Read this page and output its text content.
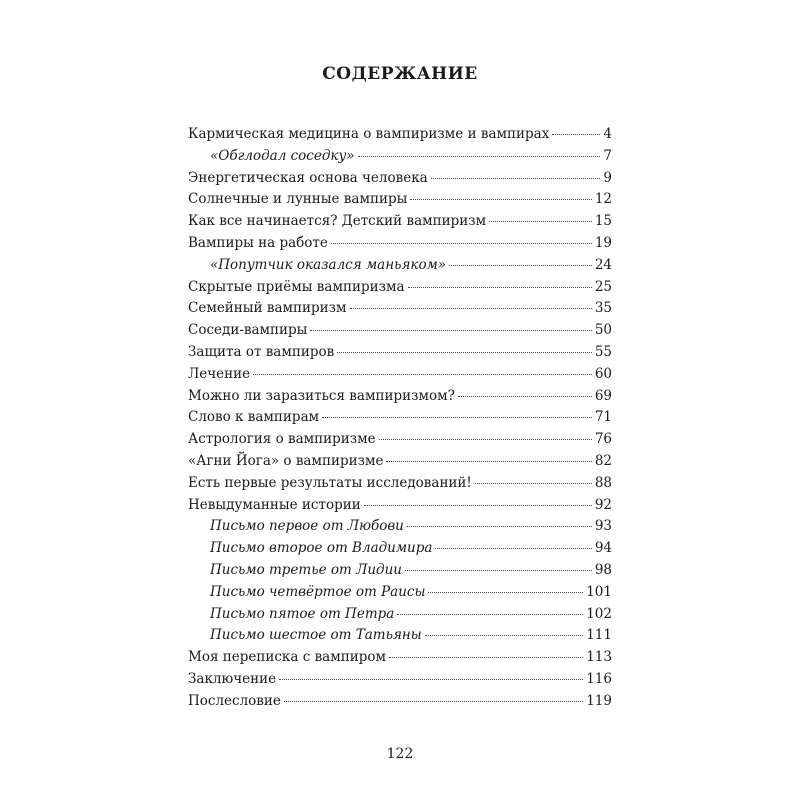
СОДЕРЖАНИЕ
Кармическая медицина о вампиризме и вампирах	4
«Обглодал соседку»	7
Энергетическая основа человека	9
Солнечные и лунные вампиры	12
Как все начинается? Детский вампиризм	15
Вампиры на работе	19
«Попутчик оказался маньяком»	24
Скрытые приёмы вампиризма	25
Семейный вампиризм	35
Соседи-вампиры	50
Защита от вампиров	55
Лечение	60
Можно ли заразиться вампиризмом?	69
Слово к вампирам	71
Астрология о вампиризме	76
«Агни Йога» о вампиризме	82
Есть первые результаты исследований!	88
Невыдуманные истории	92
Письмо первое от Любови	93
Письмо второе от Владимира	94
Письмо третье от Лидии	98
Письмо четвёртое от Раисы	101
Письмо пятое от Петра	102
Письмо шестое от Татьяны	111
Моя переписка с вампиром	113
Заключение	116
Послесловие	119
122
